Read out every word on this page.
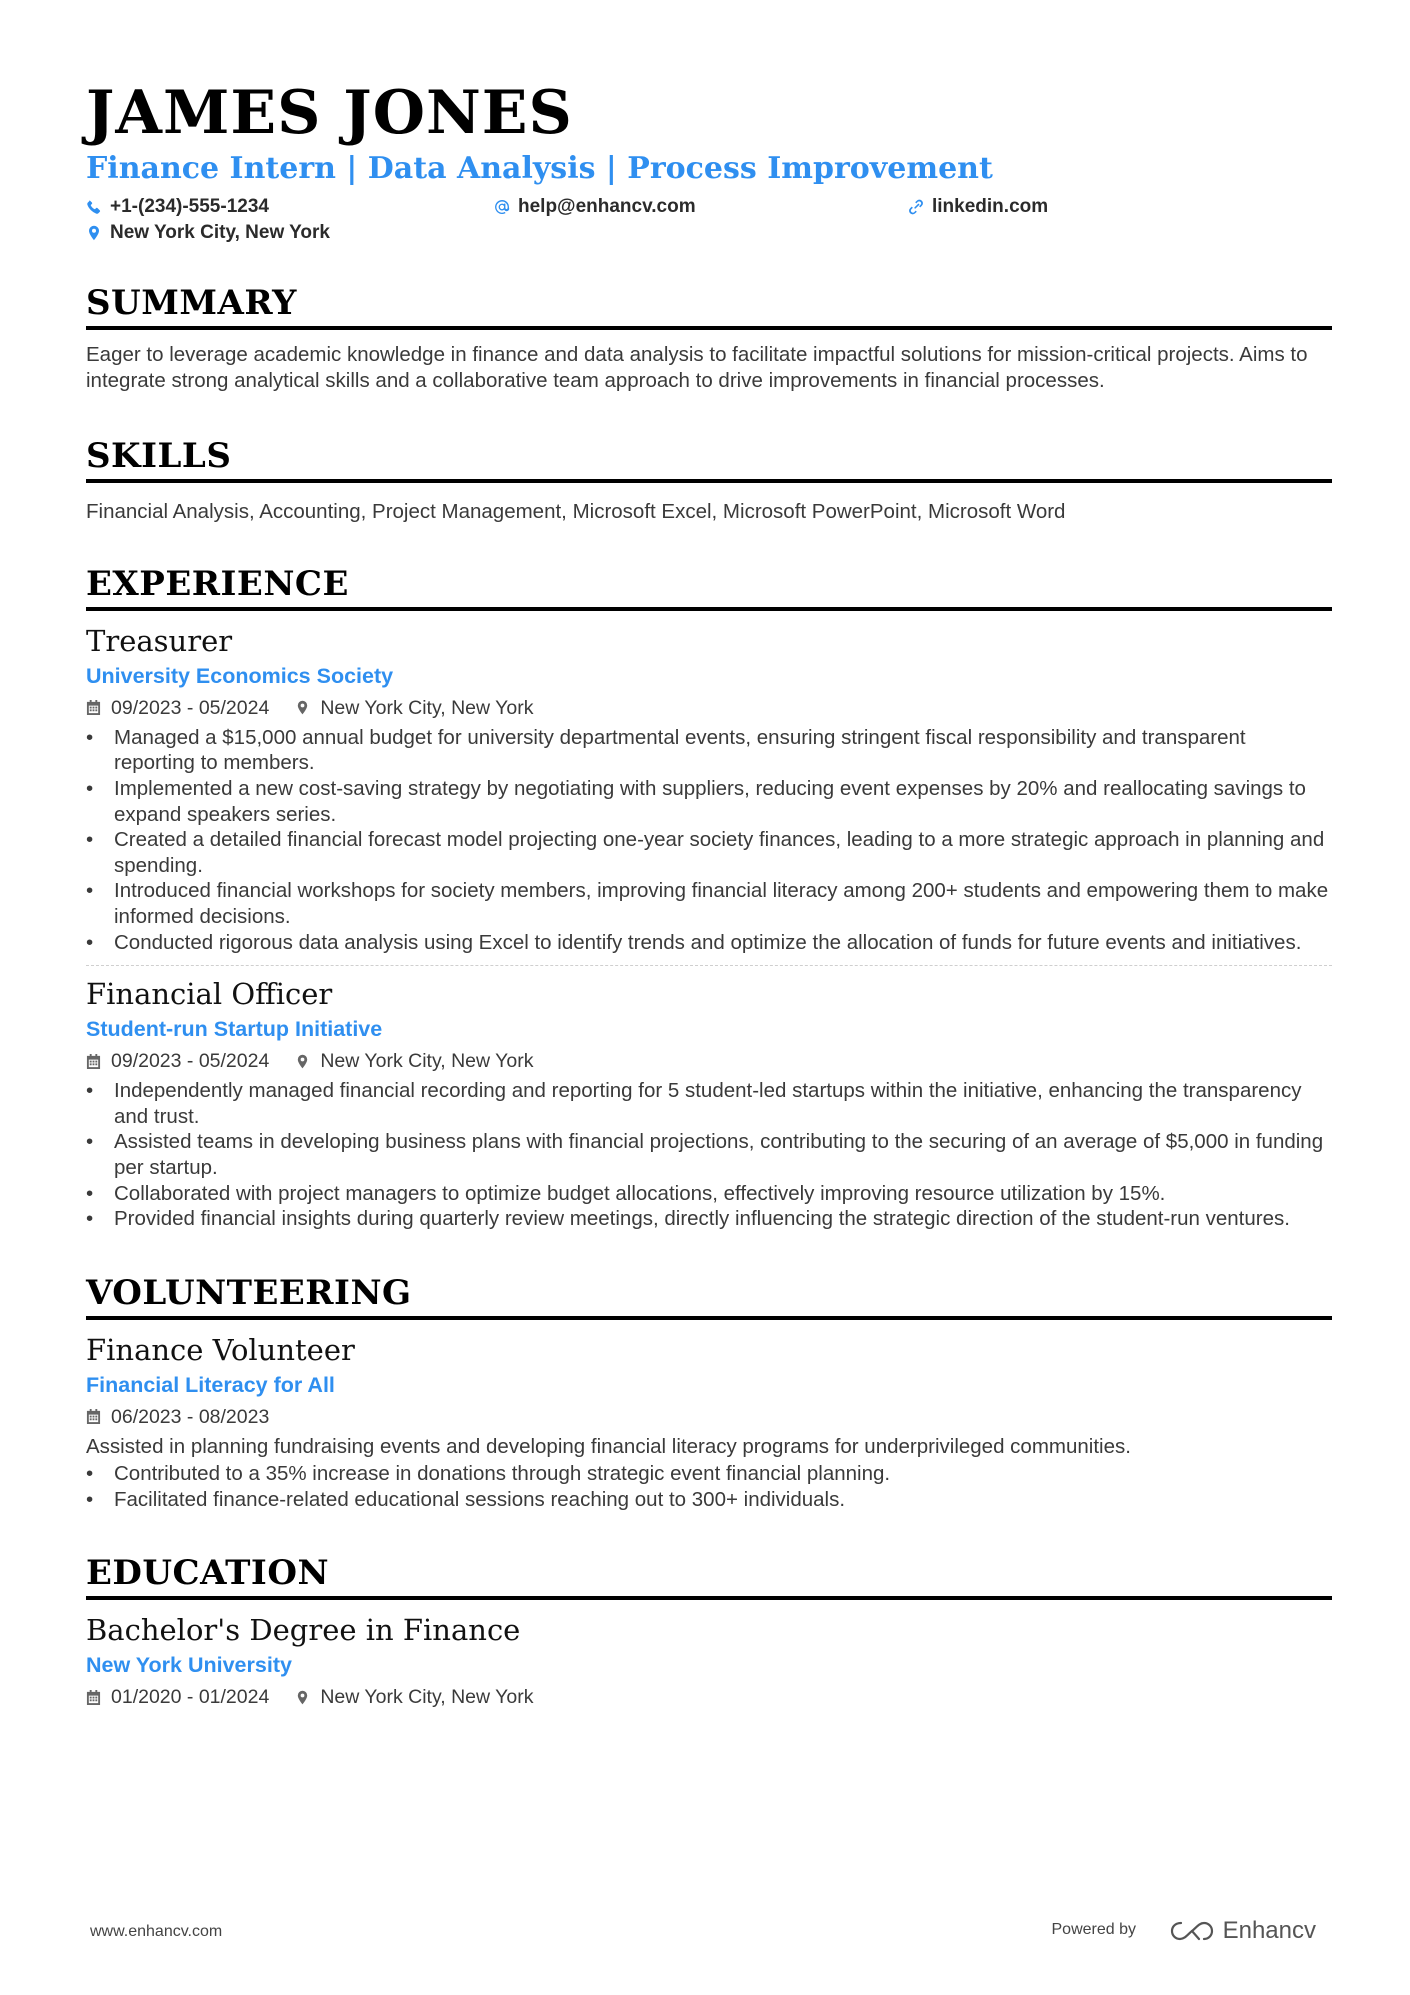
JAMES JONES
Finance Intern | Data Analysis | Process Improvement
+1-(234)-555-1234	help@enhancv.com	linkedin.com
New York City, New York
SUMMARY
Eager to leverage academic knowledge in finance and data analysis to facilitate impactful solutions for mission-critical projects. Aims to integrate strong analytical skills and a collaborative team approach to drive improvements in financial processes.
SKILLS
Financial Analysis, Accounting, Project Management, Microsoft Excel, Microsoft PowerPoint, Microsoft Word
EXPERIENCE
Treasurer
University Economics Society
09/2023 - 05/2024	New York City, New York
• Managed a $15,000 annual budget for university departmental events, ensuring stringent fiscal responsibility and transparent reporting to members.
• Implemented a new cost-saving strategy by negotiating with suppliers, reducing event expenses by 20% and reallocating savings to expand speakers series.
• Created a detailed financial forecast model projecting one-year society finances, leading to a more strategic approach in planning and spending.
• Introduced financial workshops for society members, improving financial literacy among 200+ students and empowering them to make informed decisions.
• Conducted rigorous data analysis using Excel to identify trends and optimize the allocation of funds for future events and initiatives.
Financial Officer
Student-run Startup Initiative
09/2023 - 05/2024	New York City, New York
• Independently managed financial recording and reporting for 5 student-led startups within the initiative, enhancing the transparency and trust.
• Assisted teams in developing business plans with financial projections, contributing to the securing of an average of $5,000 in funding per startup.
• Collaborated with project managers to optimize budget allocations, effectively improving resource utilization by 15%.
• Provided financial insights during quarterly review meetings, directly influencing the strategic direction of the student-run ventures.
VOLUNTEERING
Finance Volunteer
Financial Literacy for All
06/2023 - 08/2023
Assisted in planning fundraising events and developing financial literacy programs for underprivileged communities.
• Contributed to a 35% increase in donations through strategic event financial planning.
• Facilitated finance-related educational sessions reaching out to 300+ individuals.
EDUCATION
Bachelor's Degree in Finance
New York University
01/2020 - 01/2024	New York City, New York
www.enhancv.com	Powered by	Enhancv
